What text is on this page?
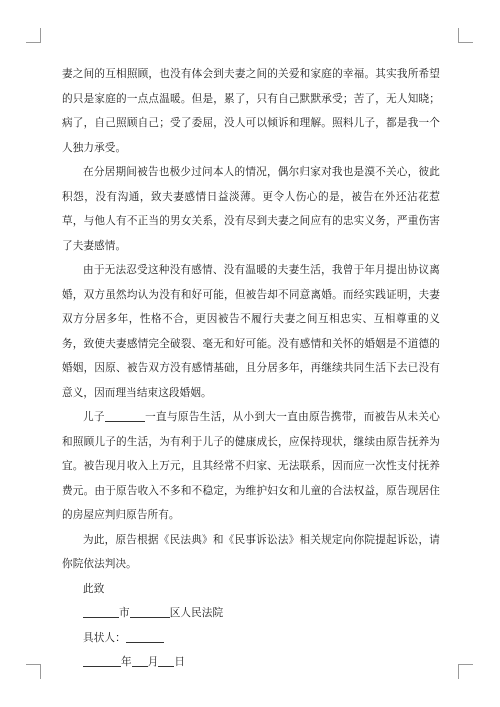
妻之间的互相照顾，也没有体会到夫妻之间的关爱和家庭的幸福。其实我所希望的只是家庭的一点点温暖。但是，累了，只有自己默默承受；苦了，无人知晓；病了，自己照顾自己；受了委屈，没人可以倾诉和理解。照料儿子，都是我一个人独力承受。

在分居期间被告也极少过问本人的情况，偶尔归家对我也是漠不关心，彼此积怨，没有沟通，致夫妻感情日益淡薄。更令人伤心的是，被告在外还沾花惹草，与他人有不正当的男女关系，没有尽到夫妻之间应有的忠实义务，严重伤害了夫妻感情。

由于无法忍受这种没有感情、没有温暖的夫妻生活，我曾于年月提出协议离婚，双方虽然均认为没有和好可能，但被告却不同意离婚。而经实践证明，夫妻双方分居多年，性格不合，更因被告不履行夫妻之间互相忠实、互相尊重的义务，致使夫妻感情完全破裂、毫无和好可能。没有感情和关怀的婚姻是不道德的婚姻，因原、被告双方没有感情基础，且分居多年，再继续共同生活下去已没有意义，因而理当结束这段婚姻。

儿子	一直与原告生活，从小到大一直由原告携带，而被告从未关心和照顾儿子的生活，为有利于儿子的健康成长，应保持现状，继续由原告抚养为宜。被告现月收入上万元，且其经常不归家、无法联系，因而应一次性支付抚养费元。由于原告收入不多和不稳定，为维护妇女和儿童的合法权益，原告现居住的房屋应判归原告所有。

为此，原告根据《民法典》和《民事诉讼法》相关规定向你院提起诉讼，请你院依法判决。

此致

市	区人民法院

具状人：

年 月 日
